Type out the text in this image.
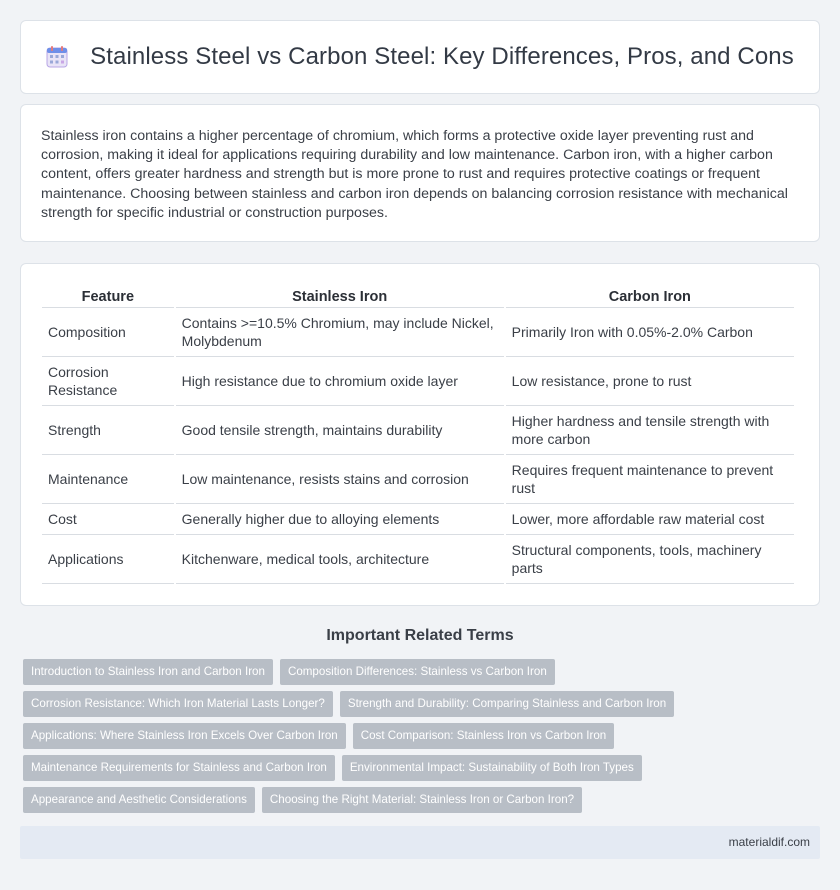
Stainless Steel vs Carbon Steel: Key Differences, Pros, and Cons

Stainless iron contains a higher percentage of chromium, which forms a protective oxide layer preventing rust and corrosion, making it ideal for applications requiring durability and low maintenance. Carbon iron, with a higher carbon content, offers greater hardness and strength but is more prone to rust and requires protective coatings or frequent maintenance. Choosing between stainless and carbon iron depends on balancing corrosion resistance with mechanical strength for specific industrial or construction purposes.

Feature	Stainless Iron	Carbon Iron
Composition	Contains >=10.5% Chromium, may include Nickel, Molybdenum	Primarily Iron with 0.05%-2.0% Carbon
Corrosion Resistance	High resistance due to chromium oxide layer	Low resistance, prone to rust
Strength	Good tensile strength, maintains durability	Higher hardness and tensile strength with more carbon
Maintenance	Low maintenance, resists stains and corrosion	Requires frequent maintenance to prevent rust
Cost	Generally higher due to alloying elements	Lower, more affordable raw material cost
Applications	Kitchenware, medical tools, architecture	Structural components, tools, machinery parts
Important Related Terms
Introduction to Stainless Iron and Carbon Iron	Composition Differences: Stainless vs Carbon Iron
Corrosion Resistance: Which Iron Material Lasts Longer?	Strength and Durability: Comparing Stainless and Carbon Iron
Applications: Where Stainless Iron Excels Over Carbon Iron	Cost Comparison: Stainless Iron vs Carbon Iron
Maintenance Requirements for Stainless and Carbon Iron	Environmental Impact: Sustainability of Both Iron Types
Appearance and Aesthetic Considerations	Choosing the Right Material: Stainless Iron or Carbon Iron?
materialdif.com
